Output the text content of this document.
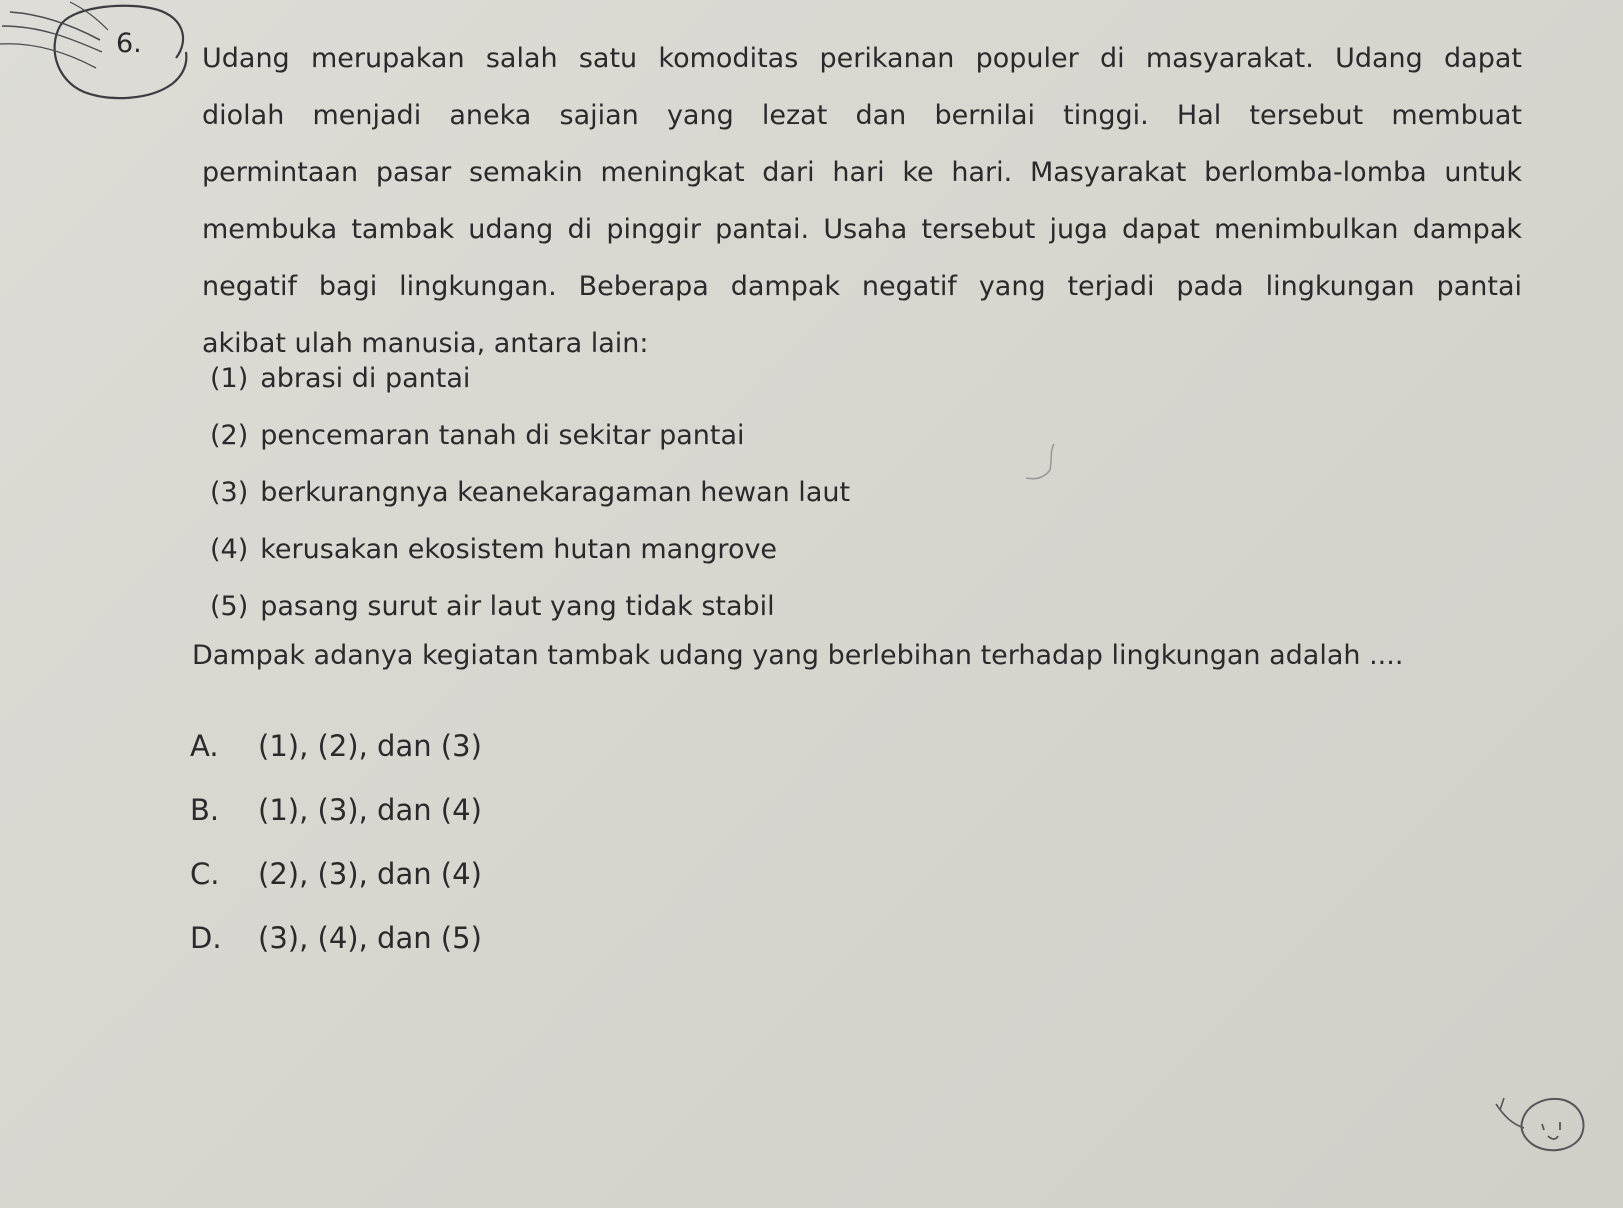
6. Udang merupakan salah satu komoditas perikanan populer di masyarakat. Udang dapat
diolah menjadi aneka sajian yang lezat dan bernilai tinggi. Hal tersebut membuat
permintaan pasar semakin meningkat dari hari ke hari. Masyarakat berlomba-lomba untuk
membuka tambak udang di pinggir pantai. Usaha tersebut juga dapat menimbulkan dampak
negatif bagi lingkungan. Beberapa dampak negatif yang terjadi pada lingkungan pantai
akibat ulah manusia, antara lain:
(1) abrasi di pantai
(2) pencemaran tanah di sekitar pantai
(3) berkurangnya keanekaragaman hewan laut
(4) kerusakan ekosistem hutan mangrove
(5) pasang surut air laut yang tidak stabil
Dampak adanya kegiatan tambak udang yang berlebihan terhadap lingkungan adalah ....
A. (1), (2), dan (3)
B. (1), (3), dan (4)
C. (2), (3), dan (4)
D. (3), (4), dan (5)
